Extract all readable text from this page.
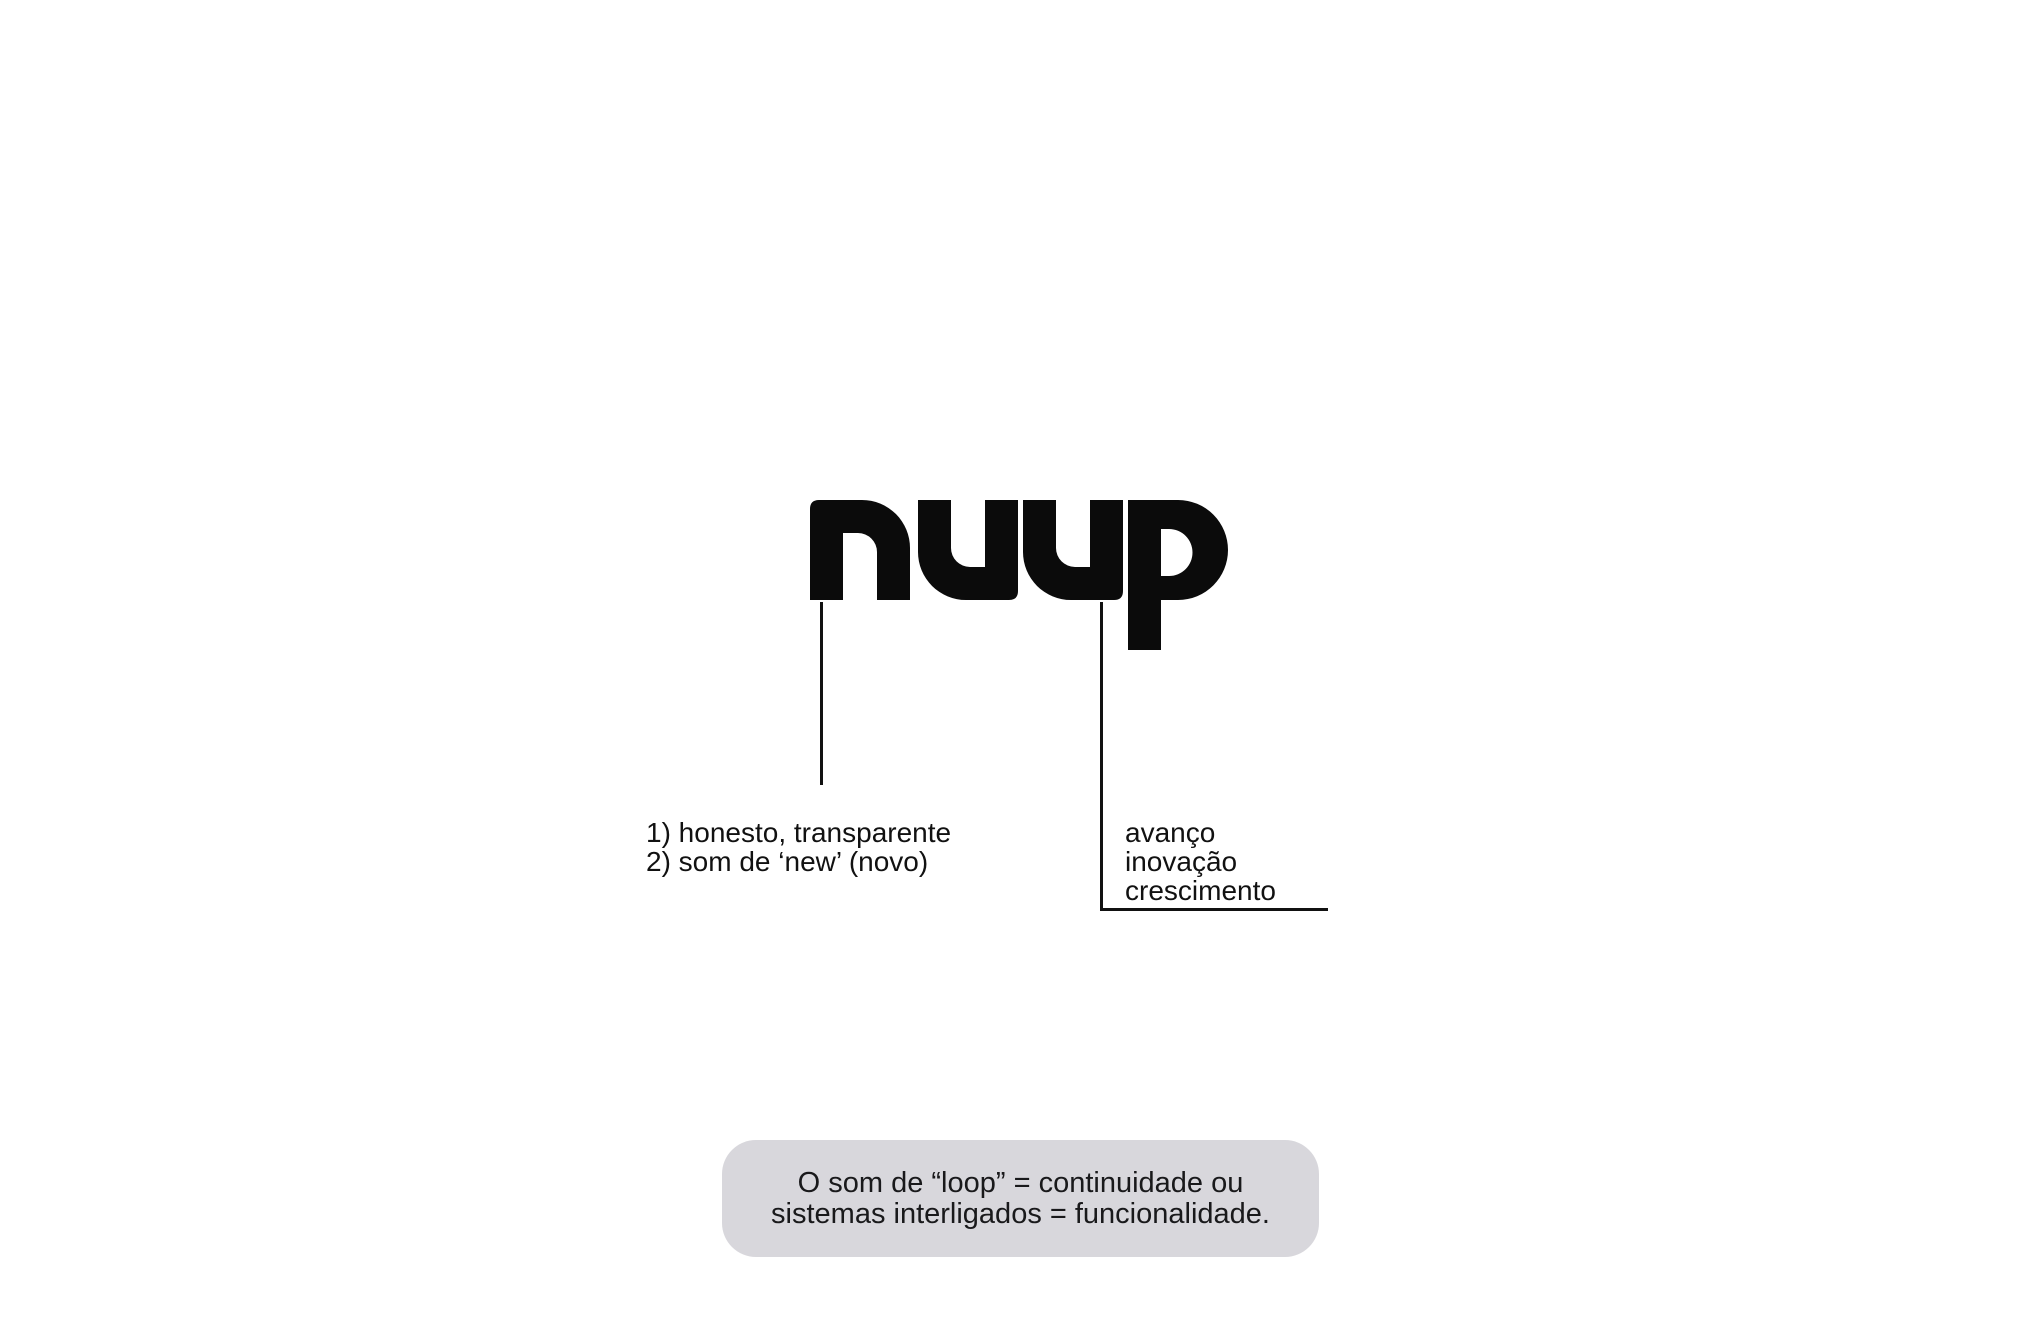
1) honesto, transparente
2) som de ‘new’ (novo)
avanço
inovação
crescimento
O som de “loop” = continuidade ou
sistemas interligados = funcionalidade.
